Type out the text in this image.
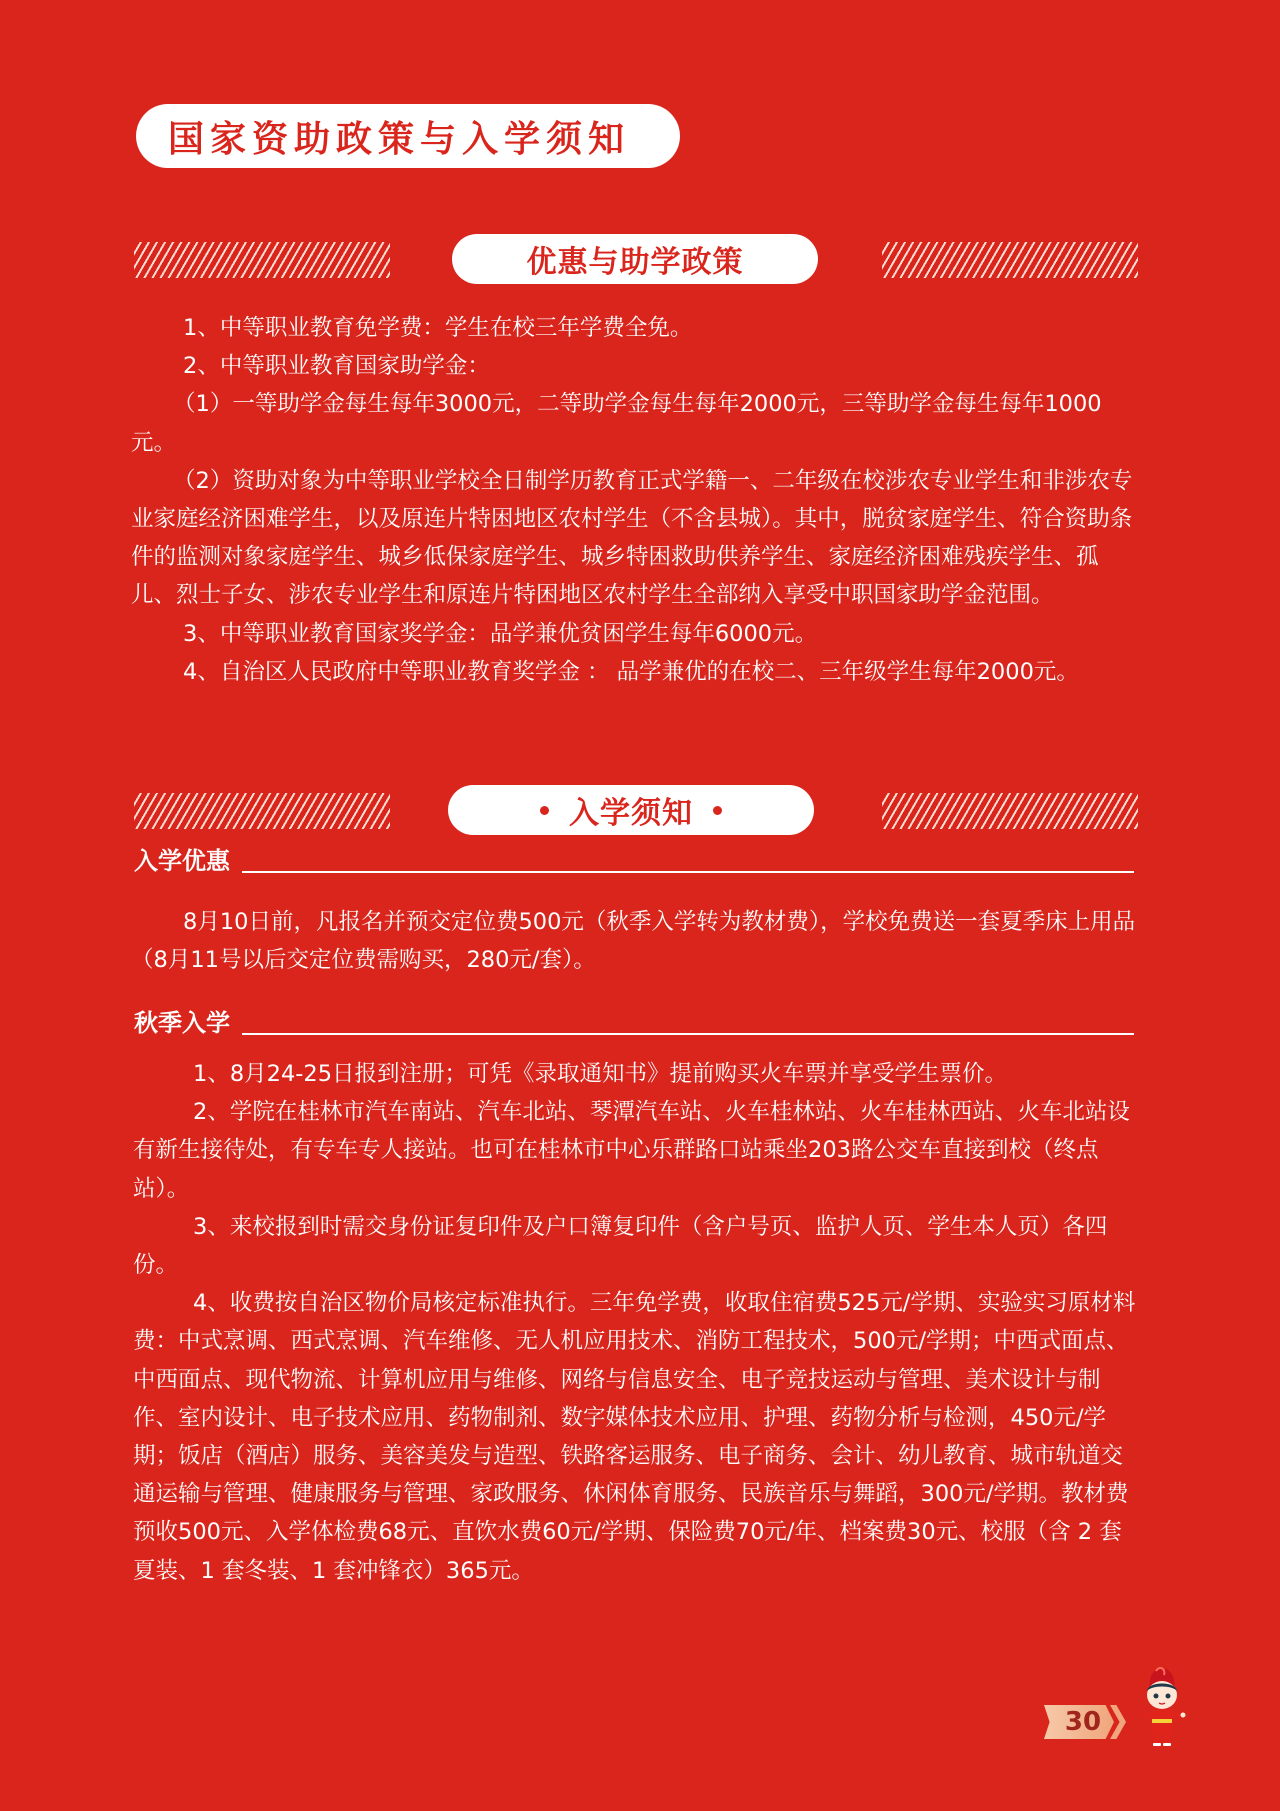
国家资助政策与入学须知
优惠与助学政策

1、中等职业教育免学费：学生在校三年学费全免。

2、中等职业教育国家助学金：

（1）一等助学金每生每年3000元，二等助学金每生每年2000元，三等助学金每生每年1000元。

（2）资助对象为中等职业学校全日制学历教育正式学籍一、二年级在校涉农专业学生和非涉农专业家庭经济困难学生，以及原连片特困地区农村学生（不含县城）。其中，脱贫家庭学生、符合资助条件的监测对象家庭学生、城乡低保家庭学生、城乡特困救助供养学生、家庭经济困难残疾学生、孤儿、烈士子女、涉农专业学生和原连片特困地区农村学生全部纳入享受中职国家助学金范围。

3、中等职业教育国家奖学金：品学兼优贫困学生每年6000元。

4、自治区人民政府中等职业教育奖学金 ： 品学兼优的在校二、三年级学生每年2000元。

入学须知
入学优惠

8月10日前，凡报名并预交定位费500元（秋季入学转为教材费），学校免费送一套夏季床上用品（8月11号以后交定位费需购买，280元/套）。

秋季入学

1、8月24-25日报到注册；可凭《录取通知书》提前购买火车票并享受学生票价。

2、学院在桂林市汽车南站、汽车北站、琴潭汽车站、火车桂林站、火车桂林西站、火车北站设有新生接待处，有专车专人接站。也可在桂林市中心乐群路口站乘坐203路公交车直接到校（终点站）。

3、来校报到时需交身份证复印件及户口簿复印件（含户号页、监护人页、学生本人页）各四份。

4、收费按自治区物价局核定标准执行。三年免学费，收取住宿费525元/学期、实验实习原材料费：中式烹调、西式烹调、汽车维修、无人机应用技术、消防工程技术，500元/学期；中西式面点、中西面点、现代物流、计算机应用与维修、网络与信息安全、电子竞技运动与管理、美术设计与制作、室内设计、电子技术应用、药物制剂、数字媒体技术应用、护理、药物分析与检测，450元/学期；饭店（酒店）服务、美容美发与造型、铁路客运服务、电子商务、会计、幼儿教育、城市轨道交通运输与管理、健康服务与管理、家政服务、休闲体育服务、民族音乐与舞蹈，300元/学期。教材费预收500元、入学体检费68元、直饮水费60元/学期、保险费70元/年、档案费30元、校服（含 2 套夏装、1 套冬装、1 套冲锋衣）365元。

30
